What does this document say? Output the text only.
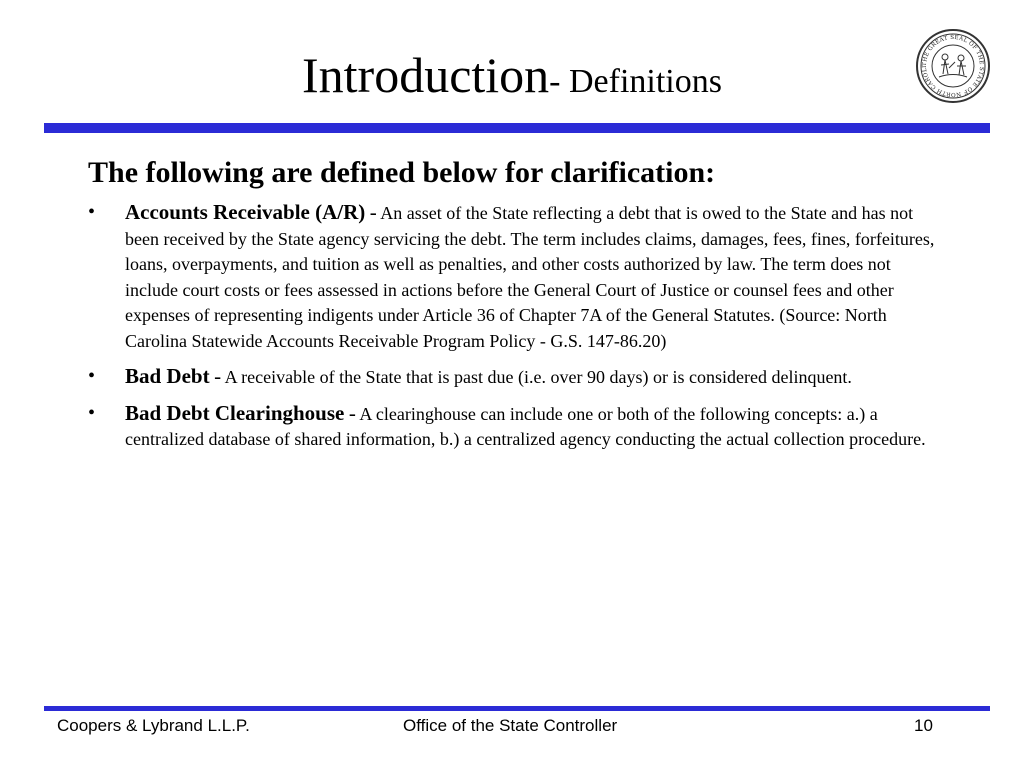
Introduction- Definitions	THE GREAT SEAL OF THE STATE OF NORTH CAROLI
The following are defined below for clarification:
• Accounts Receivable (A/R) - An asset of the State reflecting a debt that is owed to the State and has not been received by the State agency servicing the debt. The term includes claims, damages, fees, fines, forfeitures, loans, overpayments, and tuition as well as penalties, and other costs authorized by law. The term does not include court costs or fees assessed in actions before the General Court of Justice or counsel fees and other expenses of representing indigents under Article 36 of Chapter 7A of the General Statutes. (Source: North Carolina Statewide Accounts Receivable Program Policy - G.S. 147-86.20)
• Bad Debt - A receivable of the State that is past due (i.e. over 90 days) or is considered delinquent.
• Bad Debt Clearinghouse - A clearinghouse can include one or both of the following concepts: a.) a centralized database of shared information, b.) a centralized agency conducting the actual collection procedure.
Coopers & Lybrand L.L.P.	Office of the State Controller	10
